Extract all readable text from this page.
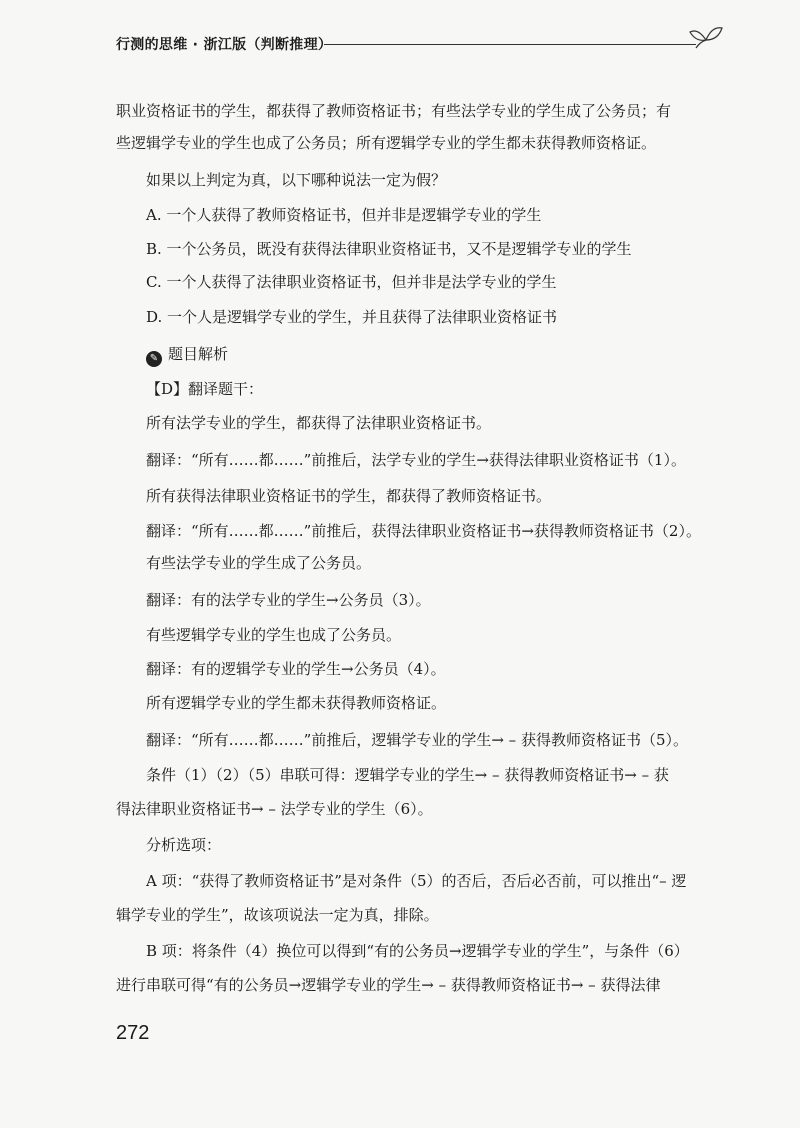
行测的思维 · 浙江版（判断推理）
职业资格证书的学生，都获得了教师资格证书；有些法学专业的学生成了公务员；有
些逻辑学专业的学生也成了公务员；所有逻辑学专业的学生都未获得教师资格证。
如果以上判定为真，以下哪种说法一定为假？
A. 一个人获得了教师资格证书，但并非是逻辑学专业的学生
B. 一个公务员，既没有获得法律职业资格证书，又不是逻辑学专业的学生
C. 一个人获得了法律职业资格证书，但并非是法学专业的学生
D. 一个人是逻辑学专业的学生，并且获得了法律职业资格证书
✎ 题目解析
【D】翻译题干：
所有法学专业的学生，都获得了法律职业资格证书。
翻译：“所有……都……”前推后，法学专业的学生→获得法律职业资格证书（1）。
所有获得法律职业资格证书的学生，都获得了教师资格证书。
翻译：“所有……都……”前推后，获得法律职业资格证书→获得教师资格证书（2）。
有些法学专业的学生成了公务员。
翻译：有的法学专业的学生→公务员（3）。
有些逻辑学专业的学生也成了公务员。
翻译：有的逻辑学专业的学生→公务员（4）。
所有逻辑学专业的学生都未获得教师资格证。
翻译：“所有……都……”前推后，逻辑学专业的学生→ – 获得教师资格证书（5）。
条件（1）（2）（5）串联可得：逻辑学专业的学生→ – 获得教师资格证书→ – 获
得法律职业资格证书→ – 法学专业的学生（6）。
分析选项：
A 项：“获得了教师资格证书”是对条件（5）的否后，否后必否前，可以推出“– 逻
辑学专业的学生”，故该项说法一定为真，排除。
B 项：将条件（4）换位可以得到“有的公务员→逻辑学专业的学生”，与条件（6）
进行串联可得“有的公务员→逻辑学专业的学生→ – 获得教师资格证书→ – 获得法律
272
